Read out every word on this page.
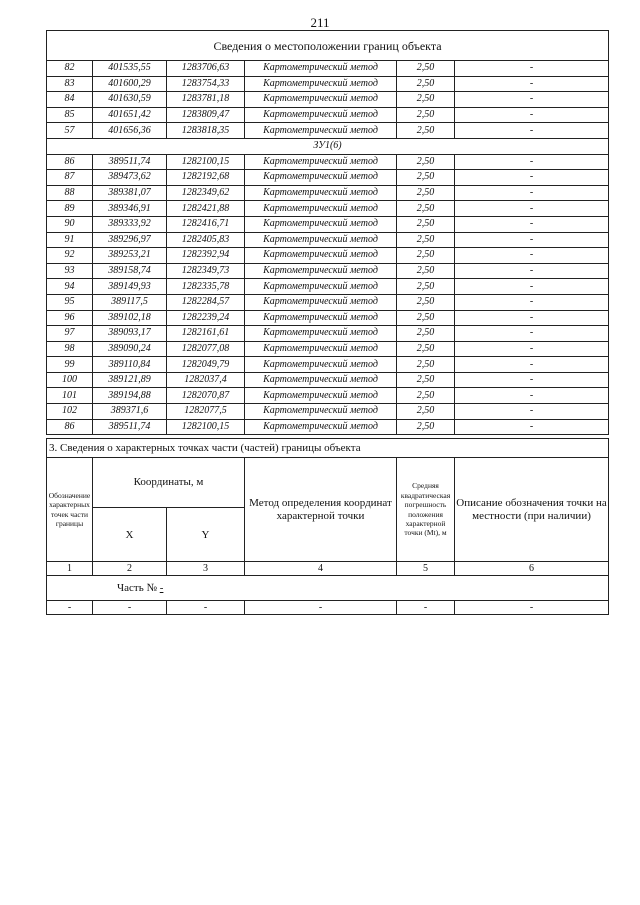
211
Сведения о местоположении границ объекта					
82	401535,55	1283706,63	Картометрический метод	2,50	-
83	401600,29	1283754,33	Картометрический метод	2,50	-
84	401630,59	1283781,18	Картометрический метод	2,50	-
85	401651,42	1283809,47	Картометрический метод	2,50	-
57	401656,36	1283818,35	Картометрический метод	2,50	-
ЗУ1(6)					
86	389511,74	1282100,15	Картометрический метод	2,50	-
87	389473,62	1282192,68	Картометрический метод	2,50	-
88	389381,07	1282349,62	Картометрический метод	2,50	-
89	389346,91	1282421,88	Картометрический метод	2,50	-
90	389333,92	1282416,71	Картометрический метод	2,50	-
91	389296,97	1282405,83	Картометрический метод	2,50	-
92	389253,21	1282392,94	Картометрический метод	2,50	-
93	389158,74	1282349,73	Картометрический метод	2,50	-
94	389149,93	1282335,78	Картометрический метод	2,50	-
95	389117,5	1282284,57	Картометрический метод	2,50	-
96	389102,18	1282239,24	Картометрический метод	2,50	-
97	389093,17	1282161,61	Картометрический метод	2,50	-
98	389090,24	1282077,08	Картометрический метод	2,50	-
99	389110,84	1282049,79	Картометрический метод	2,50	-
100	389121,89	1282037,4	Картометрический метод	2,50	-
101	389194,88	1282070,87	Картометрический метод	2,50	-
102	389371,6	1282077,5	Картометрический метод	2,50	-
86	389511,74	1282100,15	Картометрический метод	2,50	-
3. Сведения о характерных точках части (частей) границы объекта					
Обозначение характерных точек части границы	Координаты, м		Метод определения координат характерной точки	Средняя квадратическая погрешность положения характерной точки (Mt), м	Описание обозначения точки на местности (при наличии)
	X	Y			
1	2	3	4	5	6
Часть № -					
-	-	-	-	-	-
